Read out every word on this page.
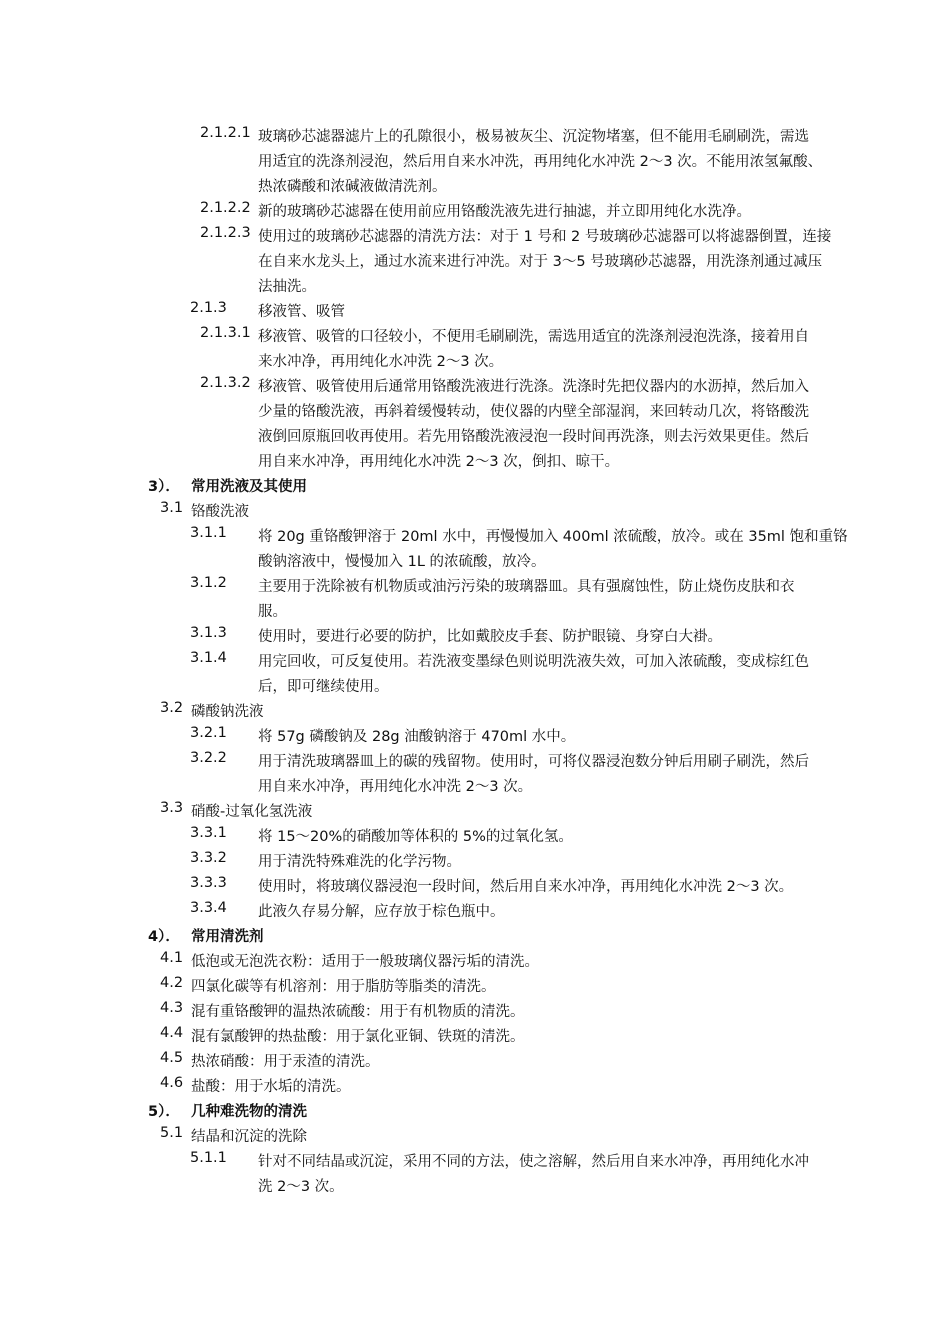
2.1.2.1 玻璃砂芯滤器滤片上的孔隙很小，极易被灰尘、沉淀物堵塞，但不能用毛刷刷洗，需选
用适宜的洗涤剂浸泡，然后用自来水冲洗，再用纯化水冲洗 2～3 次。不能用浓氢氟酸、
热浓磷酸和浓碱液做清洗剂。
2.1.2.2 新的玻璃砂芯滤器在使用前应用铬酸洗液先进行抽滤，并立即用纯化水洗净。
2.1.2.3 使用过的玻璃砂芯滤器的清洗方法：对于 1 号和 2 号玻璃砂芯滤器可以将滤器倒置，连接
在自来水龙头上，通过水流来进行冲洗。对于 3～5 号玻璃砂芯滤器，用洗涤剂通过减压
法抽洗。
2.1.3 移液管、吸管
2.1.3.1 移液管、吸管的口径较小，不便用毛刷刷洗，需选用适宜的洗涤剂浸泡洗涤，接着用自
来水冲净，再用纯化水冲洗 2～3 次。
2.1.3.2 移液管、吸管使用后通常用铬酸洗液进行洗涤。洗涤时先把仪器内的水沥掉，然后加入
少量的铬酸洗液，再斜着缓慢转动，使仪器的内壁全部湿润，来回转动几次，将铬酸洗
液倒回原瓶回收再使用。若先用铬酸洗液浸泡一段时间再洗涤，则去污效果更佳。然后
用自来水冲净，再用纯化水冲洗 2～3 次，倒扣、晾干。
3）． 常用洗液及其使用
3.1 铬酸洗液
3.1.1 将 20g 重铬酸钾溶于 20ml 水中，再慢慢加入 400ml 浓硫酸，放冷。或在 35ml 饱和重铬
酸钠溶液中，慢慢加入 1L 的浓硫酸，放冷。
3.1.2 主要用于洗除被有机物质或油污污染的玻璃器皿。具有强腐蚀性，防止烧伤皮肤和衣
服。
3.1.3 使用时，要进行必要的防护，比如戴胶皮手套、防护眼镜、身穿白大褂。
3.1.4 用完回收，可反复使用。若洗液变墨绿色则说明洗液失效，可加入浓硫酸，变成棕红色
后，即可继续使用。
3.2 磷酸钠洗液
3.2.1 将 57g 磷酸钠及 28g 油酸钠溶于 470ml 水中。
3.2.2 用于清洗玻璃器皿上的碳的残留物。使用时，可将仪器浸泡数分钟后用刷子刷洗，然后
用自来水冲净，再用纯化水冲洗 2～3 次。
3.3 硝酸-过氧化氢洗液
3.3.1 将 15～20%的硝酸加等体积的 5%的过氧化氢。
3.3.2 用于清洗特殊难洗的化学污物。
3.3.3 使用时，将玻璃仪器浸泡一段时间，然后用自来水冲净，再用纯化水冲洗 2～3 次。
3.3.4 此液久存易分解，应存放于棕色瓶中。
4）． 常用清洗剂
4.1 低泡或无泡洗衣粉：适用于一般玻璃仪器污垢的清洗。
4.2 四氯化碳等有机溶剂：用于脂肪等脂类的清洗。
4.3 混有重铬酸钾的温热浓硫酸：用于有机物质的清洗。
4.4 混有氯酸钾的热盐酸：用于氯化亚铜、铁斑的清洗。
4.5 热浓硝酸：用于汞渣的清洗。
4.6 盐酸：用于水垢的清洗。
5）． 几种难洗物的清洗
5.1 结晶和沉淀的洗除
5.1.1 针对不同结晶或沉淀，采用不同的方法，使之溶解，然后用自来水冲净，再用纯化水冲
洗 2～3 次。
